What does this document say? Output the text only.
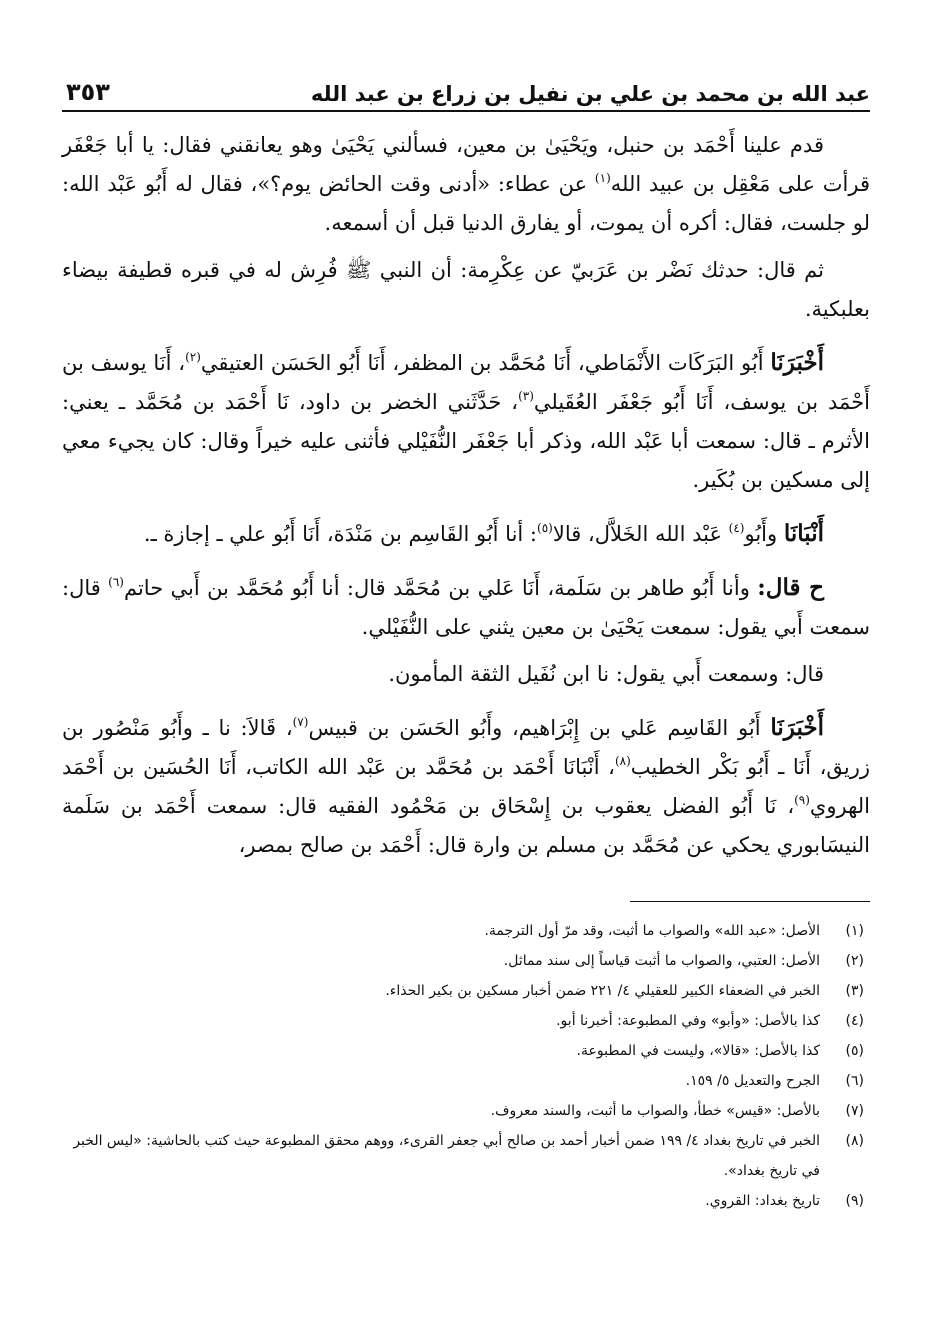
عبد الله بن محمد بن علي بن نفيل بن زراع بن عبد الله
٣٥٣

قدم علينا أَحْمَد بن حنبل، ويَحْيَىٰ بن معين، فسألني يَحْيَىٰ وهو يعانقني فقال: يا أبا جَعْفَر قرأت على مَعْقِل بن عبيد الله$^{(١)}$ عن عطاء: «أدنى وقت الحائض يوم؟»، فقال له أَبُو عَبْد الله: لو جلست، فقال: أكره أن يموت، أو يفارق الدنيا قبل أن أسمعه.

ثم قال: حدثك نَضْر بن عَرَبيّ عن عِكْرِمة: أن النبي ﷺ فُرِش له في قبره قطيفة بيضاء بعلبكية.

أَخْبَرَنَا أَبُو البَرَكَات الأَنْمَاطي، أَنَا مُحَمَّد بن المظفر، أَنَا أَبُو الحَسَن العتيقي$^{(٢)}$، أَنَا يوسف بن أَحْمَد بن يوسف، أَنَا أَبُو جَعْفَر العُقَيلي$^{(٣)}$، حَدَّثَني الخضر بن داود، نَا أَحْمَد بن مُحَمَّد ـ يعني: الأثرم ـ قال: سمعت أبا عَبْد الله، وذكر أبا جَعْفَر النُّفَيْلي فأثنى عليه خيراً وقال: كان يجيء معي إلى مسكين بن بُكَير.

أَنْبَانَا وأَبُو$^{(٤)}$ عَبْد الله الخَلاَّل، قالا$^{(٥)}$: أنا أَبُو القَاسِم بن مَنْدَة، أَنَا أَبُو علي ـ إجازة ـ.

ح قال: وأنا أَبُو طاهر بن سَلَمة، أَنَا عَلي بن مُحَمَّد قال: أنا أَبُو مُحَمَّد بن أَبي حاتم$^{(٦)}$ قال: سمعت أَبي يقول: سمعت يَحْيَىٰ بن معين يثني على النُّفَيْلي.

قال: وسمعت أَبي يقول: نا ابن نُفَيل الثقة المأمون.

أَخْبَرَنَا أَبُو القَاسِم عَلي بن إِبْرَاهيم، وأَبُو الحَسَن بن قبيس$^{(٧)}$، قَالاَ: نا ـ وأَبُو مَنْصُور بن زريق، أَنَا ـ أَبُو بَكْر الخطيب$^{(٨)}$، أَنْبَانَا أَحْمَد بن مُحَمَّد بن عَبْد الله الكاتب، أَنَا الحُسَين بن أَحْمَد الهروي$^{(٩)}$، نَا أَبُو الفضل يعقوب بن إِسْحَاق بن مَحْمُود الفقيه قال: سمعت أَحْمَد بن سَلَمة النيسَابوري يحكي عن مُحَمَّد بن مسلم بن وارة قال: أَحْمَد بن صالح بمصر،

(١)
الأصل: «عبد الله» والصواب ما أثبت، وقد مرّ أول الترجمة.
(٢)
الأصل: العتبي، والصواب ما أثبت قياساً إلى سند مماثل.
(٣)
الخبر في الضعفاء الكبير للعقيلي ٤/ ٢٢١ ضمن أخبار مسكين بن بكير الحذاء.
(٤)
كذا بالأصل: «وأبو» وفي المطبوعة: أخبرنا أبو.
(٥)
كذا بالأصل: «قالا»، وليست في المطبوعة.
(٦)
الجرح والتعديل ٥/ ١٥٩.
(٧)
بالأصل: «قيس» خطأ، والصواب ما أثبت، والسند معروف.
(٨)
الخبر في تاريخ بغداد ٤/ ١٩٩ ضمن أخبار أحمد بن صالح أبي جعفر القرىء، ووهم محقق المطبوعة حيث كتب بالحاشية: «ليس الخبر في تاريخ بغداد».
(٩)
تاريخ بغداد: القروي.
